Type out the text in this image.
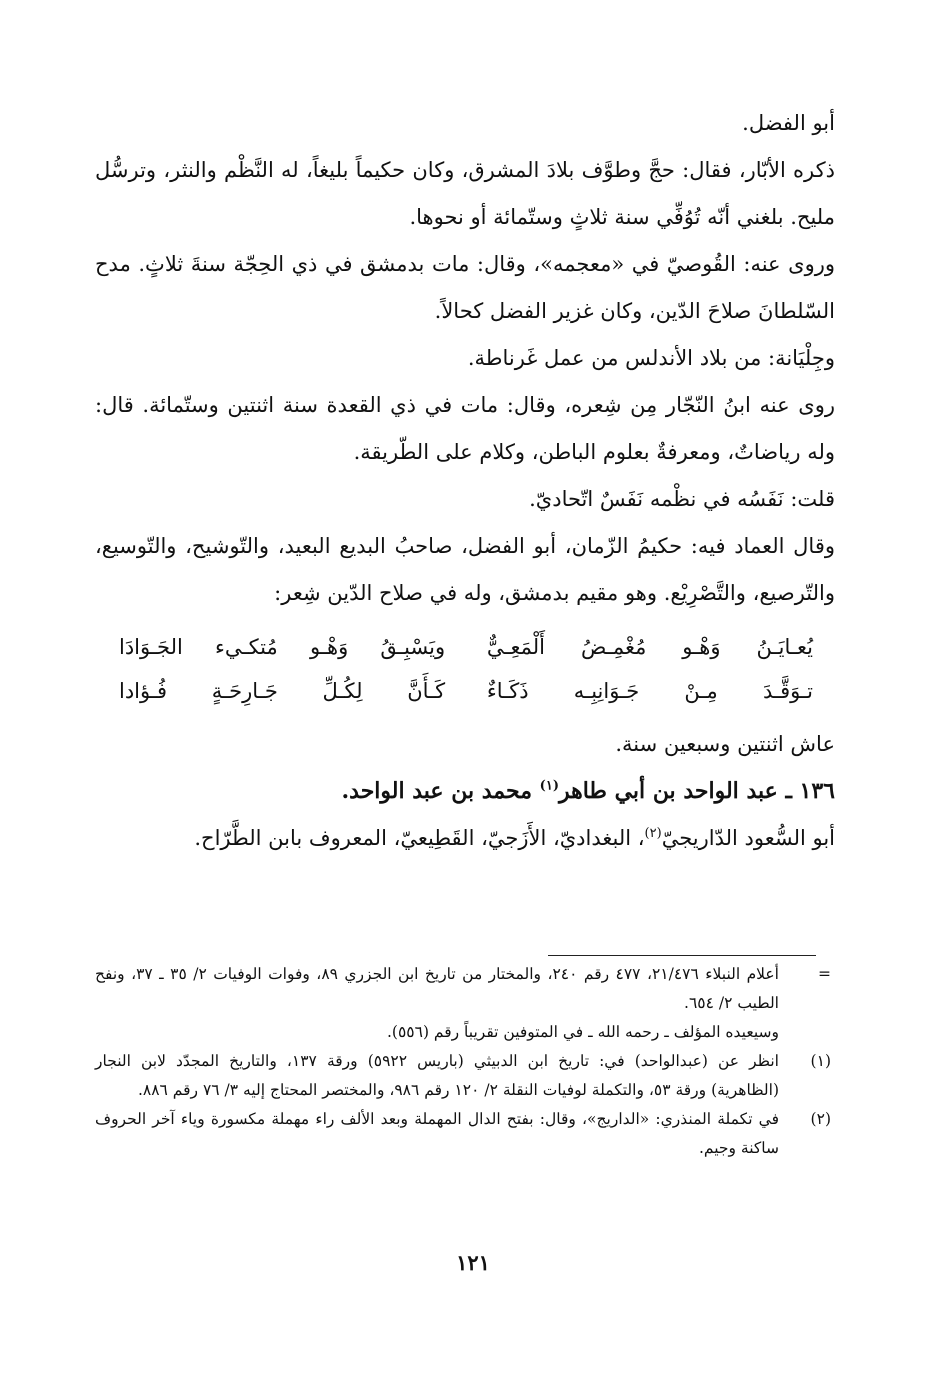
أبو الفضل.

ذكره الأبّار، فقال: حجَّ وطوَّف بلادَ المشرق، وكان حكيماً بليغاً، له النَّظْم والنثر، وترسُّل مليح. بلغني أنّه تُوُفِّي سنة ثلاثٍ وستّمائة أو نحوها.

وروى عنه: القُوصيّ في «معجمه»، وقال: مات بدمشق في ذي الحِجّة سنةَ ثلاثٍ. مدح السّلطانَ صلاحَ الدّين، وكان غزير الفضل كحالاً.

وجِلْيَانة: من بلاد الأندلس من عمل غَرناطة.

روى عنه ابنُ النّجّار مِن شِعره، وقال: مات في ذي القعدة سنة اثنتين وستّمائة. قال: وله رياضاتٌ، ومعرفةٌ بعلوم الباطن، وكلام على الطّريقة.

قلت: نَفَسُه في نظْمه نَفَسٌ اتّحاديّ.

وقال العماد فيه: حكيمُ الزّمان، أبو الفضل، صاحبُ البديع البعيد، والتّوشيح، والتّوسيع، والتّرصيع، والتَّصْرِيْع. وهو مقيم بدمشق، وله في صلاح الدّين شِعر:

يُعـايَـنُ وَهْـو مُغْمِـضُ أَلْمَعِـيٌّ
ويَسْبِـقُ وَهْـو مُتكـيء الجَـوَادَا
تـوَقَّـدَ مِـنْ جَـوَانِبِـه ذَكَـاءٌ
كَـأَنَّ لِكُـلِّ جَـارِحَـةٍ فُـؤادا

عاش اثنتين وسبعين سنة.

١٣٦ ـ عبد الواحد بن أبي طاهر$^{(١)}$ محمد بن عبد الواحد.

أبو السُّعود الدّاريجيّ$^{(٢)}$، البغداديّ، الأَزَجيّ، القَطِيعيّ، المعروف بابن الطَّرّاح.

=
أعلام النبلاء ٢١/٤٧٦، ٤٧٧ رقم ٢٤٠، والمختار من تاريخ ابن الجزري ٨٩، وفوات الوفيات ٢/ ٣٥ ـ ٣٧، ونفح الطيب ٢/ ٦٥٤.
وسيعيده المؤلف ـ رحمه الله ـ في المتوفين تقريباً رقم (٥٥٦).
(١)
انظر عن (عبدالواحد) في: تاريخ ابن الدبيثي (باريس ٥٩٢٢) ورقة ١٣٧، والتاريخ المجدّد لابن النجار (الظاهرية) ورقة ٥٣، والتكملة لوفيات النقلة ٢/ ١٢٠ رقم ٩٨٦، والمختصر المحتاج إليه ٣/ ٧٦ رقم ٨٨٦.
(٢)
في تكملة المنذري: «الداريج»، وقال: بفتح الدال المهملة وبعد الألف راء مهملة مكسورة وياء آخر الحروف ساكنة وجيم.
١٢١
